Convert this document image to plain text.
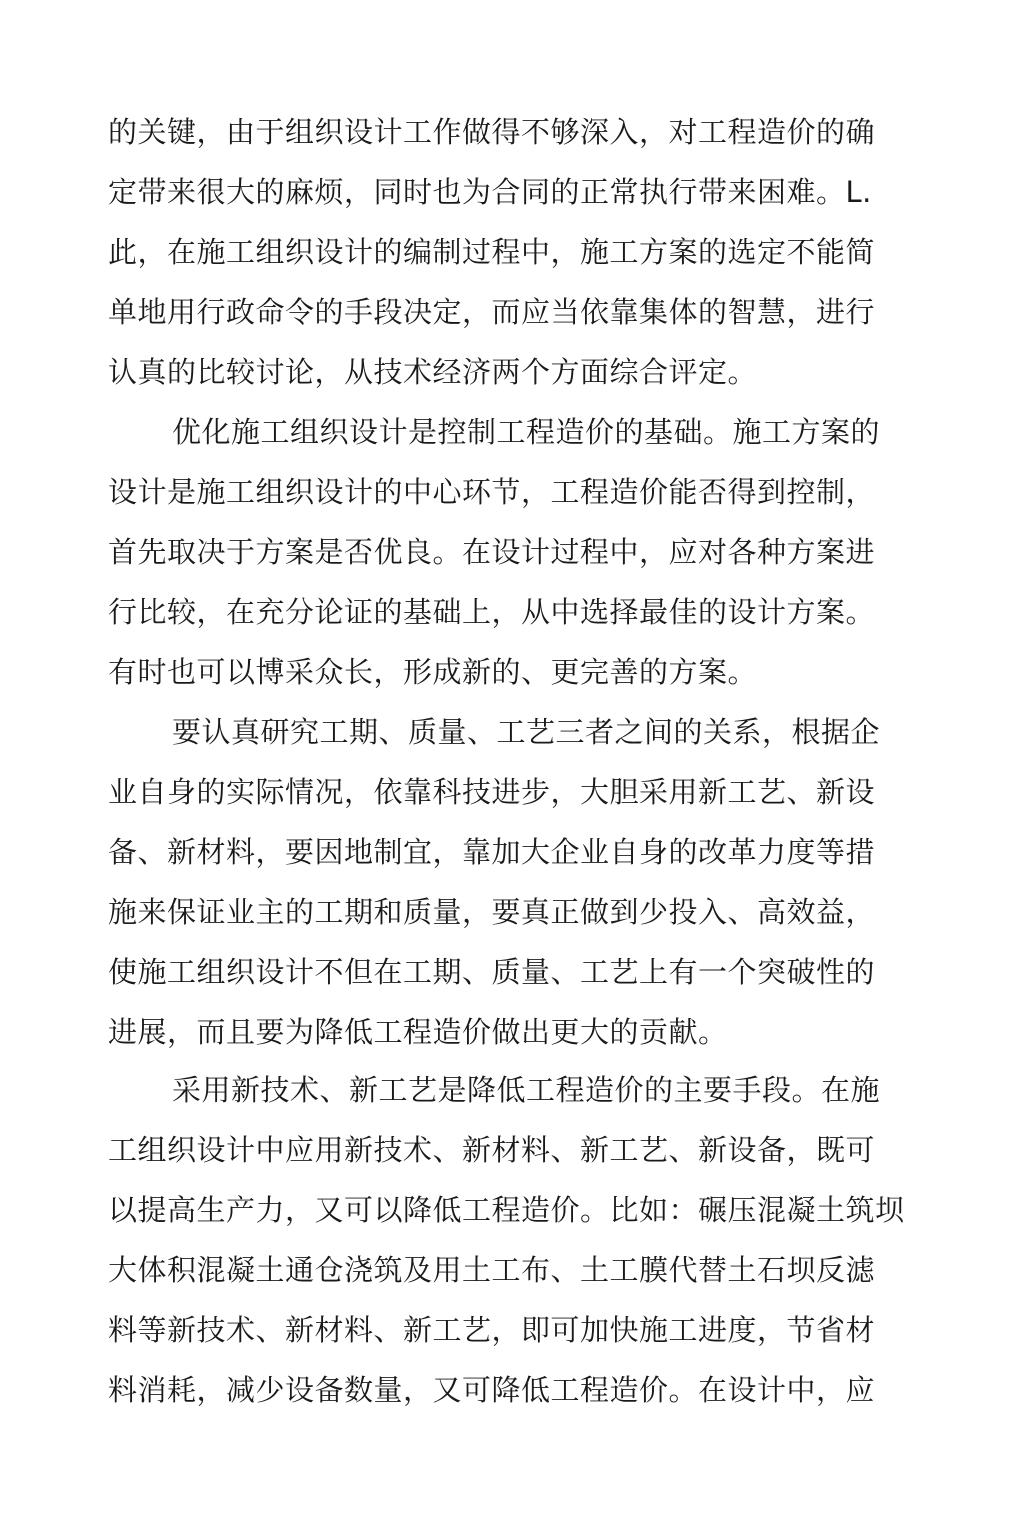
的关键，由于组织设计工作做得不够深入，对工程造价的确
定带来很大的麻烦，同时也为合同的正常执行带来困难。L.
此，在施工组织设计的编制过程中，施工方案的选定不能简
单地用行政命令的手段决定，而应当依靠集体的智慧，进行
认真的比较讨论，从技术经济两个方面综合评定。
优化施工组织设计是控制工程造价的基础。施工方案的
设计是施工组织设计的中心环节，工程造价能否得到控制，
首先取决于方案是否优良。在设计过程中，应对各种方案进
行比较，在充分论证的基础上，从中选择最佳的设计方案。
有时也可以博采众长，形成新的、更完善的方案。
要认真研究工期、质量、工艺三者之间的关系，根据企
业自身的实际情况，依靠科技进步，大胆采用新工艺、新设
备、新材料，要因地制宜，靠加大企业自身的改革力度等措
施来保证业主的工期和质量，要真正做到少投入、高效益，
使施工组织设计不但在工期、质量、工艺上有一个突破性的
进展，而且要为降低工程造价做出更大的贡献。
采用新技术、新工艺是降低工程造价的主要手段。在施
工组织设计中应用新技术、新材料、新工艺、新设备，既可
以提高生产力，又可以降低工程造价。比如：碾压混凝土筑坝
大体积混凝土通仓浇筑及用土工布、土工膜代替土石坝反滤
料等新技术、新材料、新工艺，即可加快施工进度，节省材
料消耗，减少设备数量，又可降低工程造价。在设计中，应
